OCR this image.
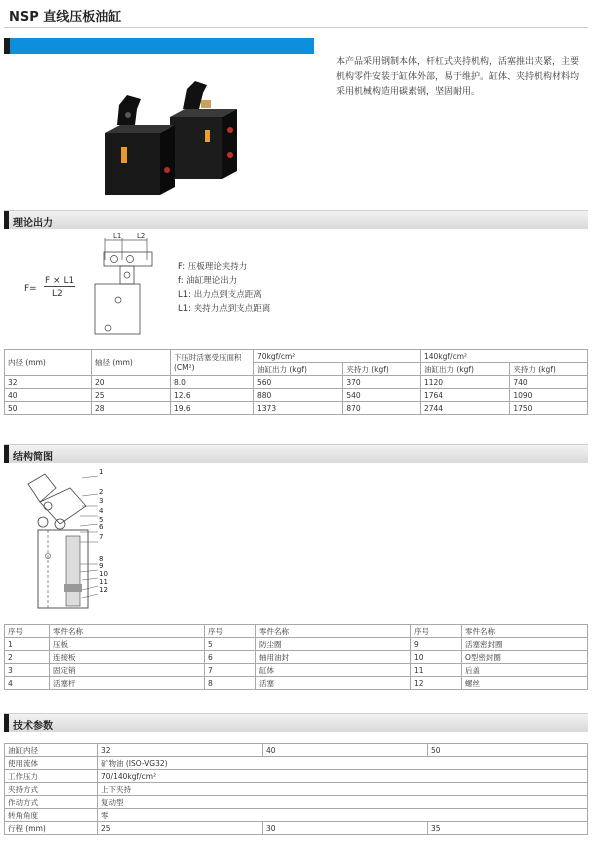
NSP 直线压板油缸
本产品采用钢制本体，杆杠式夹持机构，活塞推出夹紧，主要机构零件安装于缸体外部，易于维护。缸体、夹持机构材料均采用机械构造用碳素钢，坚固耐用。
理论出力
F=
F × L1
L2
L1 L2
F: 压板理论夹持力
f: 油缸理论出力
L1: 出力点到支点距离
L1: 夹持力点到支点距离
内径 (mm)	轴径 (mm)	下压时活塞受压面积 (CM²)	70kgf/cm²		140kgf/cm²	
			油缸出力 (kgf)	夹持力 (kgf)	油缸出力 (kgf)	夹持力 (kgf)
32	20	8.0	560	370	1120	740
40	25	12.6	880	540	1764	1090
50	28	19.6	1373	870	2744	1750
结构简图
1
2
3
4
5
6
7
8
9
10
11
12
序号	零件名称	序号	零件名称	序号	零件名称
1	压板	5	防尘圈	9	活塞密封圈
2	连接板	6	轴用油封	10	O型密封圈
3	固定销	7	缸体	11	后盖
4	活塞杆	8	活塞	12	螺丝
技术参数
油缸内径	32	40	50
使用流体	矿物油 (ISO-VG32)		
工作压力	70/140kgf/cm²		
夹持方式	上下夹持		
作动方式	复动型		
转角角度	零		
行程 (mm)	25	30	35
